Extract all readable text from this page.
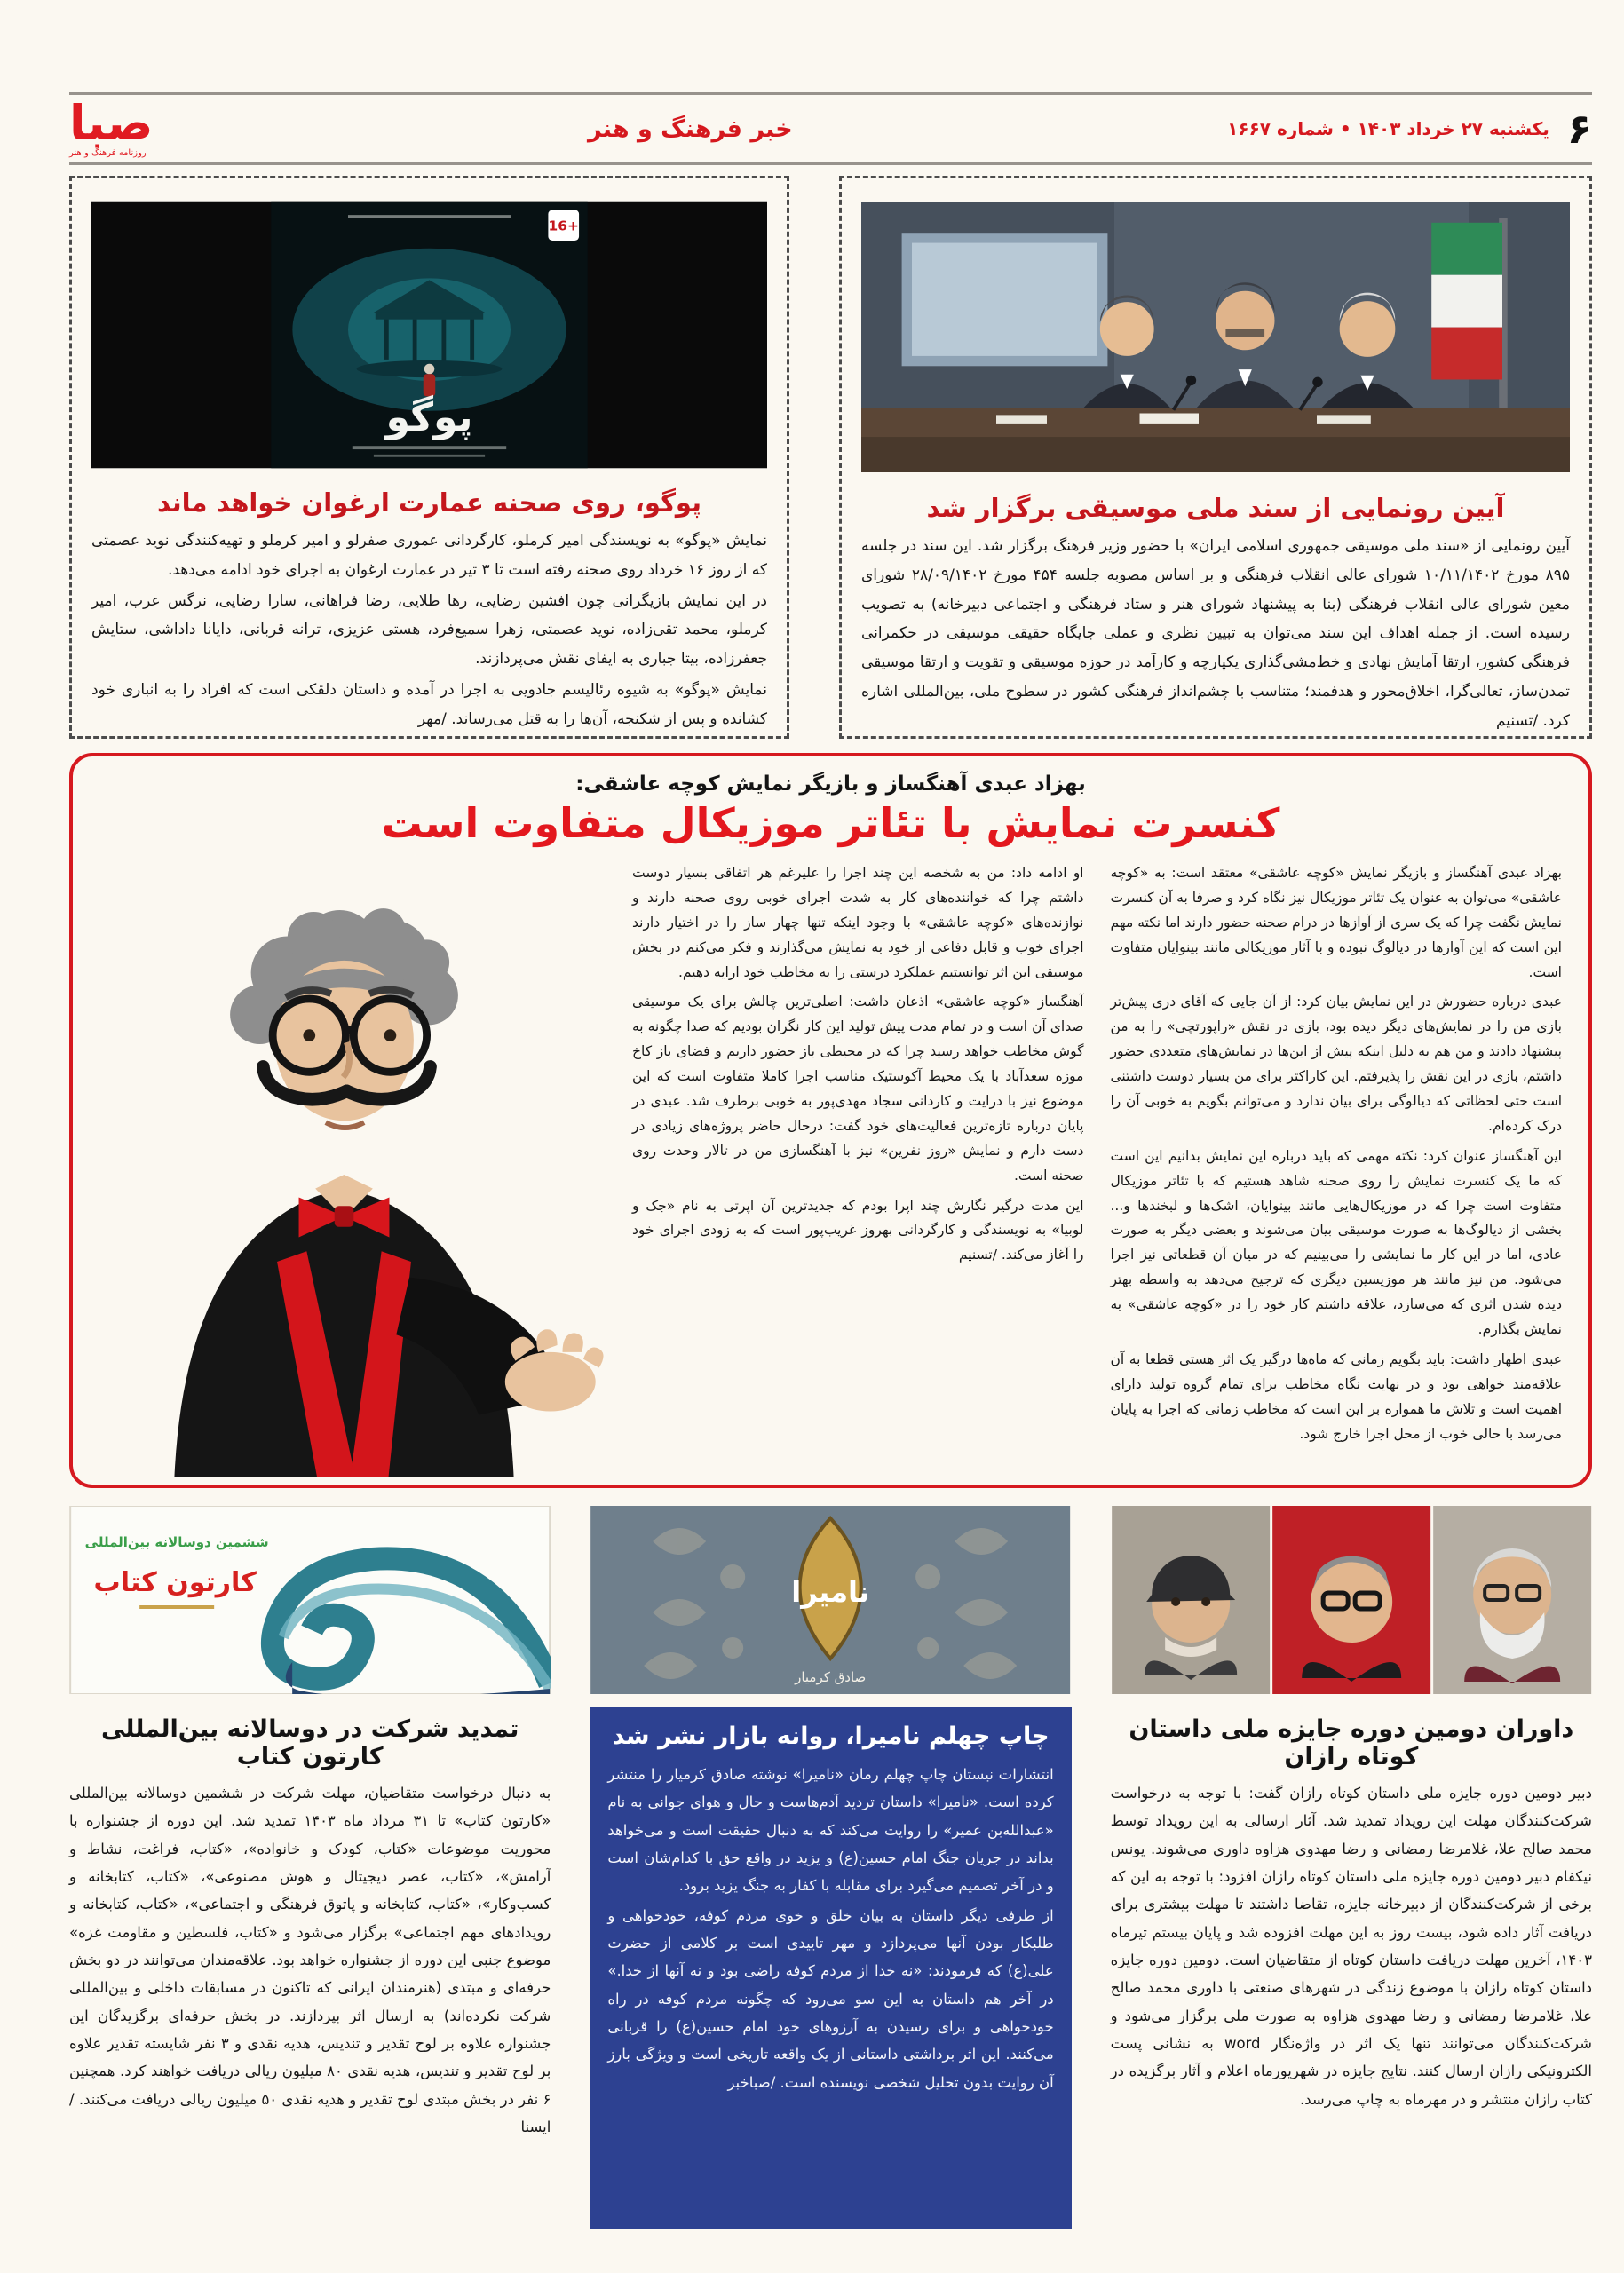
۶
یکشنبه ۲۷ خرداد ۱۴۰۳ • شماره ۱۶۶۷
خبر فرهنگ و هنر
صبا
روزنامه فرهنگ و هنر
آیین رونمایی از سند ملی موسیقی برگزار شد

آیین رونمایی از «سند ملی موسیقی جمهوری اسلامی ایران» با حضور وزیر فرهنگ برگزار شد. این سند در جلسه ۸۹۵ مورخ ۱۰/۱۱/۱۴۰۲ شورای عالی انقلاب فرهنگی و بر اساس مصوبه جلسه ۴۵۴ مورخ ۲۸/۰۹/۱۴۰۲ شورای معین شورای عالی انقلاب فرهنگی (بنا به پیشنهاد شورای هنر و ستاد فرهنگی و اجتماعی دبیرخانه) به تصویب رسیده است. از جمله اهداف این سند می‌توان به تبیین نظری و عملی جایگاه حقیقی موسیقی در حکمرانی فرهنگی کشور، ارتقا آمایش نهادی و خط‌مشی‌گذاری یکپارچه و کارآمد در حوزه موسیقی و تقویت و ارتقا موسیقی تمدن‌ساز، تعالی‌گرا، اخلاق‌محور و هدفمند؛ متناسب با چشم‌انداز فرهنگی کشور در سطوح ملی، بین‌المللی اشاره کرد. /تسنیم

+16
پوگو
پوگو، روی صحنه عمارت ارغوان خواهد ماند

نمایش «پوگو» به نویسندگی امیر کرملو، کارگردانی عموری صفرلو و امیر کرملو و تهیه‌کنندگی نوید عصمتی که از روز ۱۶ خرداد روی صحنه رفته است تا ۳ تیر در عمارت ارغوان به اجرای خود ادامه می‌دهد.

در این نمایش بازیگرانی چون افشین رضایی، رها طلایی، رضا فراهانی، سارا رضایی، نرگس عرب، امیر کرملو، محمد تقی‌زاده، نوید عصمتی، زهرا سمیع‌فرد، هستی عزیزی، ترانه قربانی، دایانا داداشی، ستایش جعفرزاده، بیتا جباری به ایفای نقش می‌پردازند.

نمایش «پوگو» به شیوه رئالیسم جادویی به اجرا در آمده و داستان دلقکی است که افراد را به انباری خود کشانده و پس از شکنجه، آن‌ها را به قتل می‌رساند. /مهر

بهزاد عبدی آهنگساز و بازیگر نمایش کوچه عاشقی:
کنسرت نمایش با تئاتر موزیکال متفاوت است

بهزاد عبدی آهنگساز و بازیگر نمایش «کوچه عاشقی» معتقد است: به «کوچه عاشقی» می‌توان به عنوان یک تئاتر موزیکال نیز نگاه کرد و صرفا به آن کنسرت نمایش نگفت چرا که یک سری از آوازها در درام صحنه حضور دارند اما نکته مهم این است که این آوازها در دیالوگ نبوده و با آثار موزیکالی مانند بینوایان متفاوت است.

عبدی درباره حضورش در این نمایش بیان کرد: از آن جایی که آقای دری پیش‌تر بازی من را در نمایش‌های دیگر دیده بود، بازی در نقش «راپورتچی» را به من پیشنهاد دادند و من هم به دلیل اینکه پیش از این‌ها در نمایش‌های متعددی حضور داشتم، بازی در این نقش را پذیرفتم. این کاراکتر برای من بسیار دوست داشتنی است حتی لحظاتی که دیالوگی برای بیان ندارد و می‌توانم بگویم به خوبی آن را درک کرده‌ام.

این آهنگساز عنوان کرد: نکته مهمی که باید درباره این نمایش بدانیم این است که ما یک کنسرت نمایش را روی صحنه شاهد هستیم که با تئاتر موزیکال متفاوت است چرا که در موزیکال‌هایی مانند بینوایان، اشک‌ها و لبخندها و... بخشی از دیالوگ‌ها به صورت موسیقی بیان می‌شوند و بعضی دیگر به صورت عادی، اما در این کار ما نمایشی را می‌بینیم که در میان آن قطعاتی نیز اجرا می‌شود. من نیز مانند هر موزیسین دیگری که ترجیح می‌دهد به واسطه بهتر دیده شدن اثری که می‌سازد، علاقه داشتم کار خود را در «کوچه عاشقی» به نمایش بگذارم.

عبدی اظهار داشت: باید بگویم زمانی که ماه‌ها درگیر یک اثر هستی قطعا به آن علاقه‌مند خواهی بود و در نهایت نگاه مخاطب برای تمام گروه تولید دارای اهمیت است و تلاش ما همواره بر این است که مخاطب زمانی که اجرا به پایان می‌رسد با حالی خوب از محل اجرا خارج شود.

او ادامه داد: من به شخصه این چند اجرا را علیرغم هر اتفاقی بسیار دوست داشتم چرا که خواننده‌های کار به شدت اجرای خوبی روی صحنه دارند و نوازنده‌های «کوچه عاشقی» با وجود اینکه تنها چهار ساز را در اختیار دارند اجرای خوب و قابل دفاعی از خود به نمایش می‌گذارند و فکر می‌کنم در بخش موسیقی این اثر توانستیم عملکرد درستی را به مخاطب خود ارایه دهیم.

آهنگساز «کوچه عاشقی» اذعان داشت: اصلی‌ترین چالش برای یک موسیقی صدای آن است و در تمام مدت پیش تولید این کار نگران بودیم که صدا چگونه به گوش مخاطب خواهد رسید چرا که در محیطی باز حضور داریم و فضای باز کاخ موزه سعدآباد با یک محیط آکوستیک مناسب اجرا کاملا متفاوت است که این موضوع نیز با درایت و کاردانی سجاد مهدی‌پور به خوبی برطرف شد. عبدی در پایان درباره تازه‌ترین فعالیت‌های خود گفت: درحال حاضر پروژه‌های زیادی در دست دارم و نمایش «روز نفرین» نیز با آهنگسازی من در تالار وحدت روی صحنه است.

این مدت درگیر نگارش چند اپرا بودم که جدیدترین آن اپرتی به نام «جک و لوبیا» به نویسندگی و کارگردانی بهروز غریب‌پور است که به زودی اجرای خود را آغاز می‌کند. /تسنیم

داوران دومین دوره جایزه ملی داستان کوتاه رازان

دبیر دومین دوره جایزه ملی داستان کوتاه رازان گفت: با توجه به درخواست شرکت‌کنندگان مهلت این رویداد تمدید شد. آثار ارسالی به این رویداد توسط محمد صالح علا، غلامرضا رمضانی و رضا مهدوی هزاوه داوری می‌شوند. یونس نیکفام دبیر دومین دوره جایزه ملی داستان کوتاه رازان افزود: با توجه به این که برخی از شرکت‌کنندگان از دبیرخانه جایزه، تقاضا داشتند تا مهلت بیشتری برای دریافت آثار داده شود، بیست روز به این مهلت افزوده شد و پایان بیستم تیرماه ۱۴۰۳، آخرین مهلت دریافت داستان کوتاه از متقاضیان است. دومین دوره جایزه داستان کوتاه رازان با موضوع زندگی در شهرهای صنعتی با داوری محمد صالح علا، غلامرضا رمضانی و رضا مهدوی هزاوه به صورت ملی برگزار می‌شود و شرکت‌کنندگان می‌توانند تنها یک اثر در واژه‌نگار word به نشانی پست الکترونیکی رازان ارسال کنند. نتایج جایزه در شهریورماه اعلام و آثار برگزیده در کتاب رازان منتشر و در مهرماه به چاپ می‌رسد.

نامیرا
صادق کرمیار
چاپ چهلم نامیرا، روانه بازار نشر شد

انتشارات نیستان چاپ چهلم رمان «نامیرا» نوشته صادق کرمیار را منتشر کرده است. «نامیرا» داستان تردید آدم‌هاست و حال و هوای جوانی به نام «عبدالله‌بن عمیر» را روایت می‌کند که به دنبال حقیقت است و می‌خواهد بداند در جریان جنگ امام حسین(ع) و یزید در واقع حق با کدام‌شان است و در آخر تصمیم می‌گیرد برای مقابله با کفار به جنگ یزید برود.

از طرفی دیگر داستان به بیان خلق و خوی مردم کوفه، خودخواهی و طلبکار بودن آنها می‌پردازد و مهر تاییدی است بر کلامی از حضرت علی(ع) که فرمودند: «نه خدا از مردم کوفه راضی بود و نه آنها از خدا.» در آخر هم داستان به این سو می‌رود که چگونه مردم کوفه در راه خودخواهی و برای رسیدن به آرزوهای خود امام حسین(ع) را قربانی می‌کنند. این اثر برداشتی داستانی از یک واقعه تاریخی است و ویژگی بارز آن روایت بدون تحلیل شخصی نویسنده است. /صباخبر

ششمین دوسالانه بین‌المللی
کارتون کتاب
تمدید شرکت در دوسالانه بین‌المللی کارتون کتاب

به دنبال درخواست متقاضیان، مهلت شرکت در ششمین دوسالانه بین‌المللی «کارتون کتاب» تا ۳۱ مرداد ماه ۱۴۰۳ تمدید شد. این دوره از جشنواره با محوریت موضوعات «کتاب، کودک و خانواده»، «کتاب، فراغت، نشاط و آرامش»، «کتاب، عصر دیجیتال و هوش مصنوعی»، «کتاب، کتابخانه و کسب‌وکار»، «کتاب، کتابخانه و پاتوق فرهنگی و اجتماعی»، «کتاب، کتابخانه و رویدادهای مهم اجتماعی» برگزار می‌شود و «کتاب، فلسطین و مقاومت غزه» موضوع جنبی این دوره از جشنواره خواهد بود. علاقه‌مندان می‌توانند در دو بخش حرفه‌ای و مبتدی (هنرمندان ایرانی که تاکنون در مسابقات داخلی و بین‌المللی شرکت نکرده‌اند) به ارسال اثر بپردازند. در بخش حرفه‌ای برگزیدگان این جشنواره علاوه بر لوح تقدیر و تندیس، هدیه نقدی و ۳ نفر شایسته تقدیر علاوه بر لوح تقدیر و تندیس، هدیه نقدی ۸۰ میلیون ریالی دریافت خواهند کرد. همچنین ۶ نفر در بخش مبتدی لوح تقدیر و هدیه نقدی ۵۰ میلیون ریالی دریافت می‌کنند. /ایسنا
